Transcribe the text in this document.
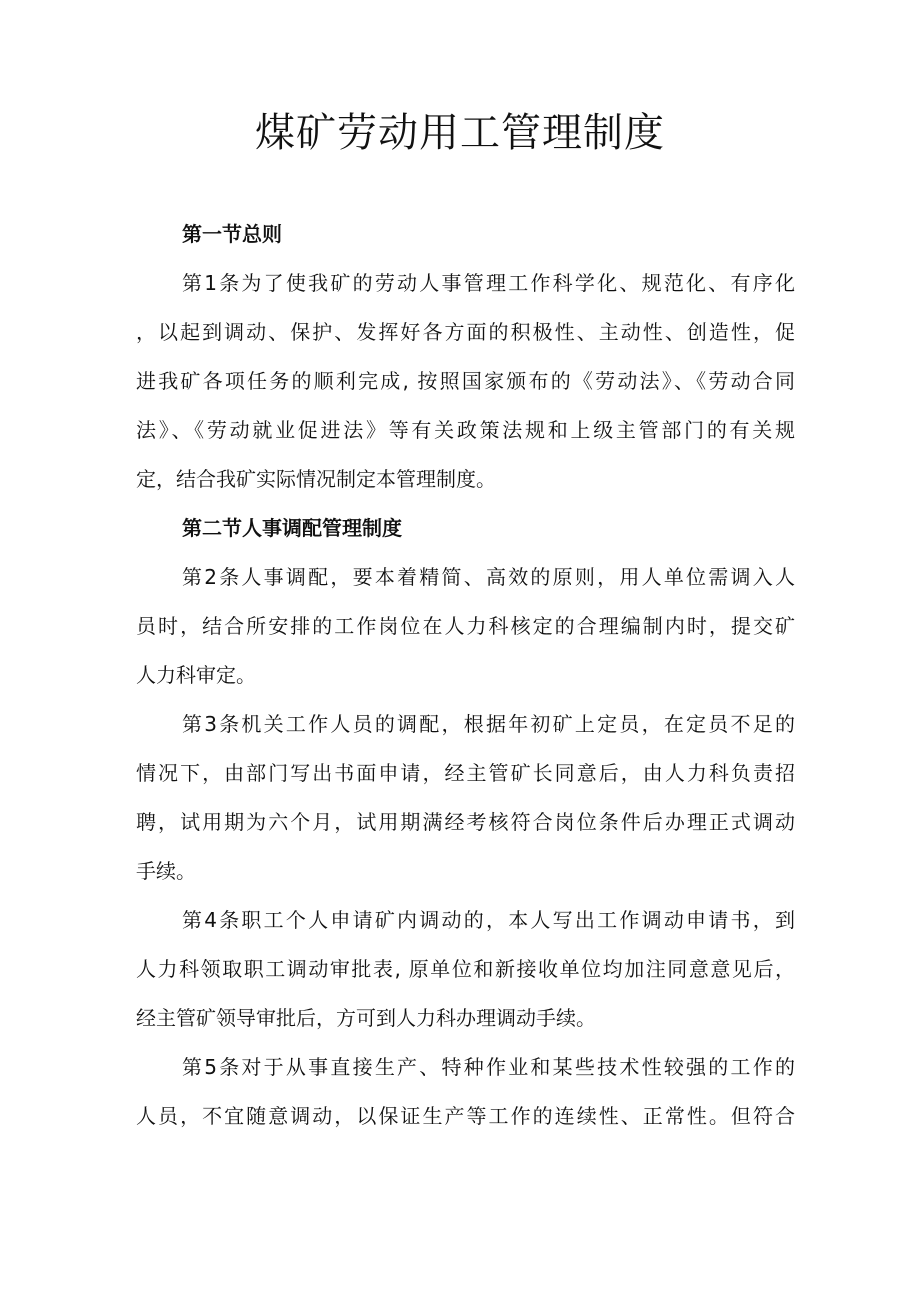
煤矿劳动用工管理制度
第一节总则
第1条为了使我矿的劳动人事管理工作科学化、规范化、有序化
，以起到调动、保护、发挥好各方面的积极性、主动性、创造性，促
进我矿各项任务的顺利完成, 按照国家颁布的《劳动法》、《劳动合同
法》、《劳动就业促进法》等有关政策法规和上级主管部门的有关规
定，结合我矿实际情况制定本管理制度。
第二节人事调配管理制度
第2条人事调配，要本着精简、高效的原则，用人单位需调入人
员时，结合所安排的工作岗位在人力科核定的合理编制内时，提交矿
人力科审定。
第3条机关工作人员的调配，根据年初矿上定员，在定员不足的
情况下，由部门写出书面申请，经主管矿长同意后，由人力科负责招
聘，试用期为六个月，试用期满经考核符合岗位条件后办理正式调动
手续。
第4条职工个人申请矿内调动的，本人写出工作调动申请书，到
人力科领取职工调动审批表, 原单位和新接收单位均加注同意意见后，
经主管矿领导审批后，方可到人力科办理调动手续。
第5条对于从事直接生产、特种作业和某些技术性较强的工作的
人员，不宜随意调动，以保证生产等工作的连续性、正常性。但符合
